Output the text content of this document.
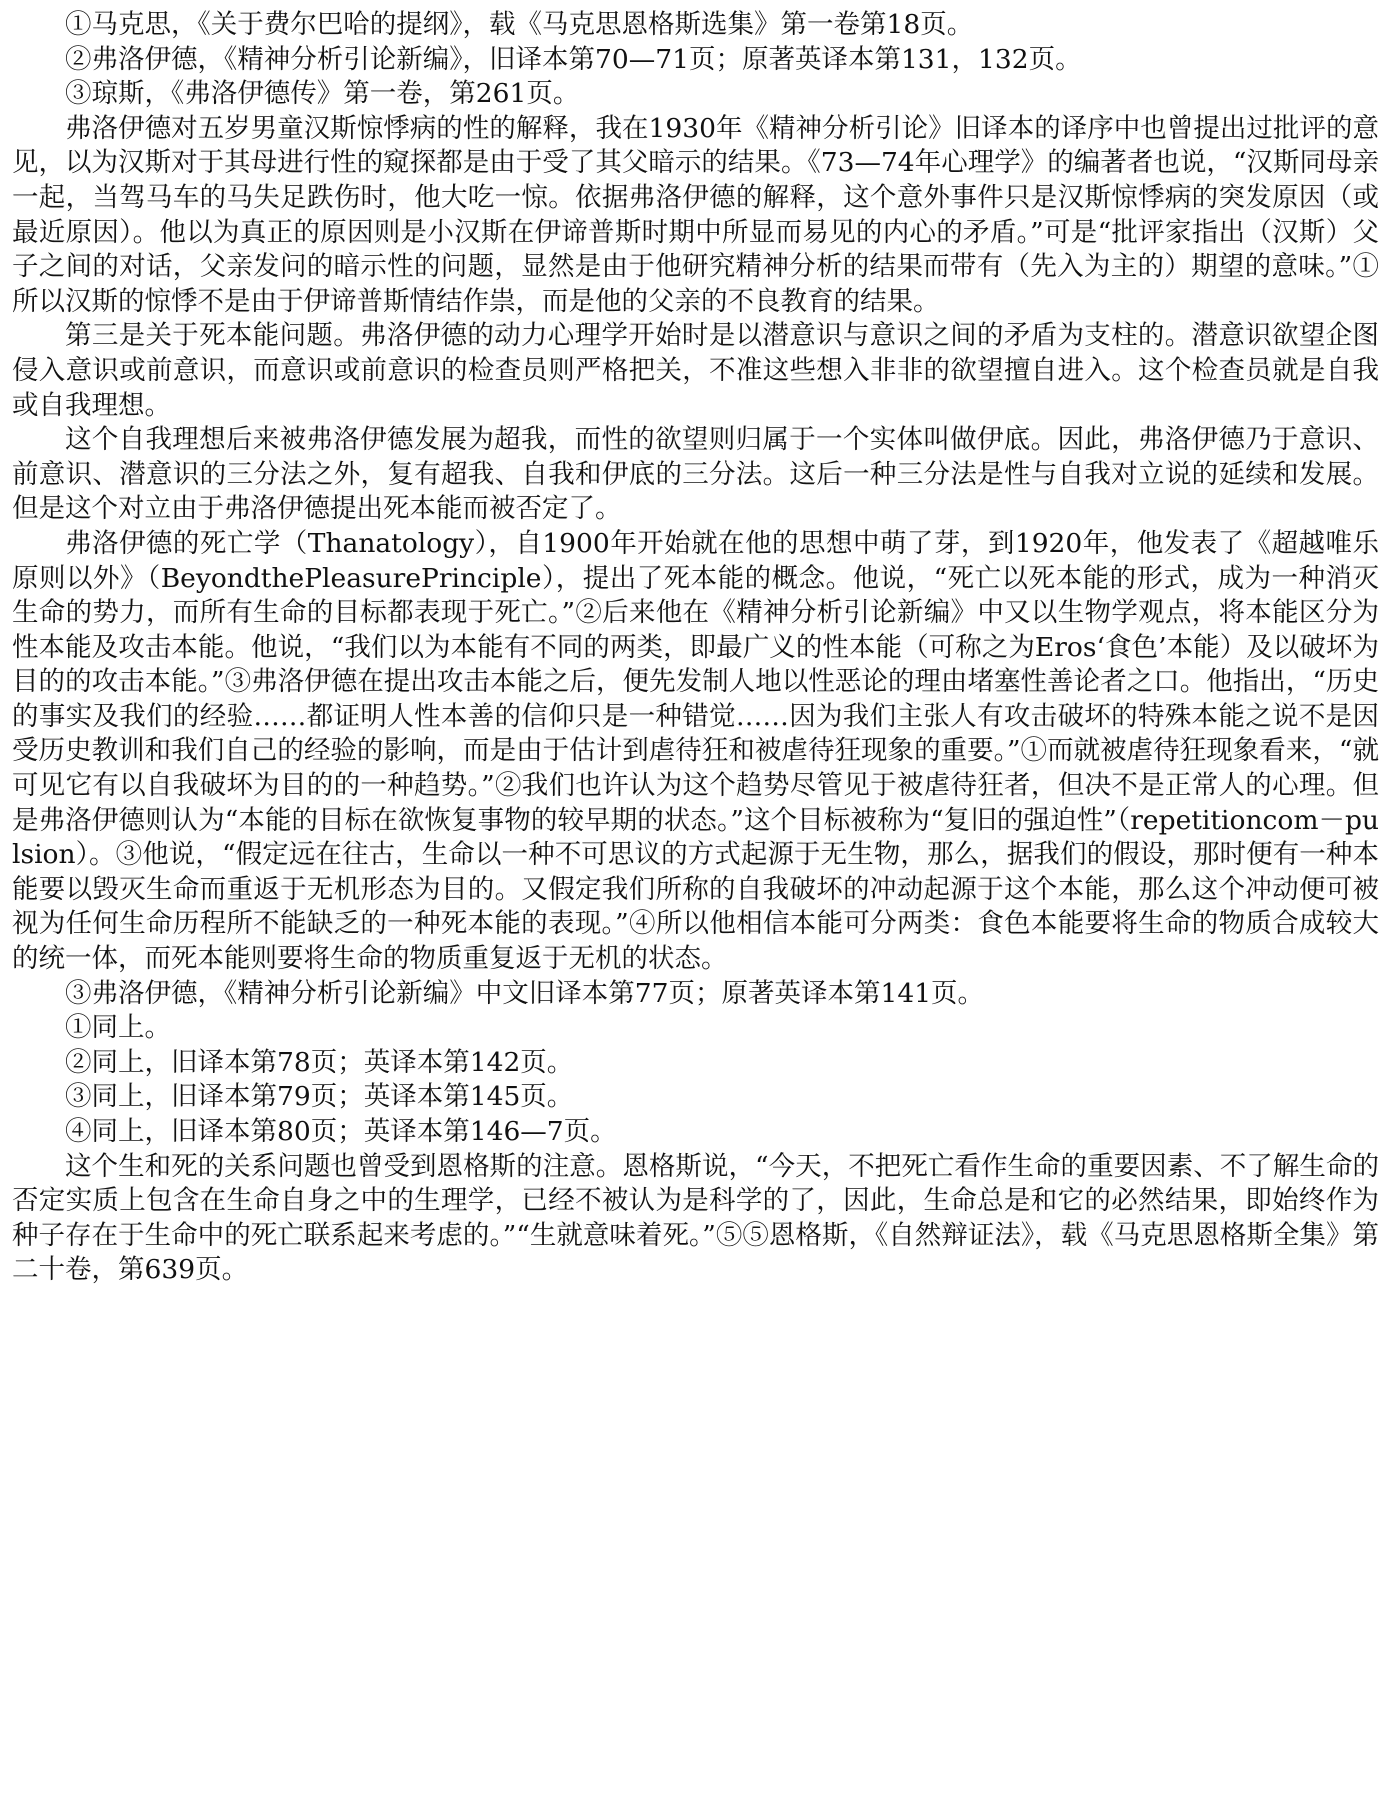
①马克思，《关于费尔巴哈的提纲》，载《马克思恩格斯选集》第一卷第18页。

②弗洛伊德，《精神分析引论新编》，旧译本第70—71页；原著英译本第131，132页。

③琼斯，《弗洛伊德传》第一卷，第261页。

弗洛伊德对五岁男童汉斯惊悸病的性的解释，我在1930年《精神分析引论》旧译本的译序中也曾提出过批评的意见，以为汉斯对于其母进行性的窥探都是由于受了其父暗示的结果。《73—74年心理学》的编著者也说，“汉斯同母亲一起，当驾马车的马失足跌伤时，他大吃一惊。依据弗洛伊德的解释，这个意外事件只是汉斯惊悸病的突发原因（或最近原因）。他以为真正的原因则是小汉斯在伊谛普斯时期中所显而易见的内心的矛盾。”可是“批评家指出（汉斯）父子之间的对话，父亲发问的暗示性的问题，显然是由于他研究精神分析的结果而带有（先入为主的）期望的意味。”①所以汉斯的惊悸不是由于伊谛普斯情结作祟，而是他的父亲的不良教育的结果。

第三是关于死本能问题。弗洛伊德的动力心理学开始时是以潜意识与意识之间的矛盾为支柱的。潜意识欲望企图侵入意识或前意识，而意识或前意识的检查员则严格把关，不准这些想入非非的欲望擅自进入。这个检查员就是自我或自我理想。

这个自我理想后来被弗洛伊德发展为超我，而性的欲望则归属于一个实体叫做伊底。因此，弗洛伊德乃于意识、前意识、潜意识的三分法之外，复有超我、自我和伊底的三分法。这后一种三分法是性与自我对立说的延续和发展。但是这个对立由于弗洛伊德提出死本能而被否定了。

弗洛伊德的死亡学（Thanatology），自1900年开始就在他的思想中萌了芽，到1920年，他发表了《超越唯乐原则以外》（BeyondthePleasurePrinciple），提出了死本能的概念。他说，“死亡以死本能的形式，成为一种消灭生命的势力，而所有生命的目标都表现于死亡。”②后来他在《精神分析引论新编》中又以生物学观点，将本能区分为性本能及攻击本能。他说，“我们以为本能有不同的两类，即最广义的性本能（可称之为Eros‘食色’本能）及以破坏为目的的攻击本能。”③弗洛伊德在提出攻击本能之后，便先发制人地以性恶论的理由堵塞性善论者之口。他指出，“历史的事实及我们的经验……都证明人性本善的信仰只是一种错觉……因为我们主张人有攻击破坏的特殊本能之说不是因受历史教训和我们自己的经验的影响，而是由于估计到虐待狂和被虐待狂现象的重要。”①而就被虐待狂现象看来，“就可见它有以自我破坏为目的的一种趋势。”②我们也许认为这个趋势尽管见于被虐待狂者，但决不是正常人的心理。但是弗洛伊德则认为“本能的目标在欲恢复事物的较早期的状态。”这个目标被称为“复旧的强迫性”（repetitioncom－pulsion）。③他说，“假定远在往古，生命以一种不可思议的方式起源于无生物，那么，据我们的假设，那时便有一种本能要以毁灭生命而重返于无机形态为目的。又假定我们所称的自我破坏的冲动起源于这个本能，那么这个冲动便可被视为任何生命历程所不能缺乏的一种死本能的表现。”④所以他相信本能可分两类：食色本能要将生命的物质合成较大的统一体，而死本能则要将生命的物质重复返于无机的状态。

③弗洛伊德，《精神分析引论新编》中文旧译本第77页；原著英译本第141页。

①同上。

②同上，旧译本第78页；英译本第142页。

③同上，旧译本第79页；英译本第145页。

④同上，旧译本第80页；英译本第146—7页。

这个生和死的关系问题也曾受到恩格斯的注意。恩格斯说，“今天，不把死亡看作生命的重要因素、不了解生命的否定实质上包含在生命自身之中的生理学，已经不被认为是科学的了，因此，生命总是和它的必然结果，即始终作为种子存在于生命中的死亡联系起来考虑的。”“生就意味着死。”⑤⑤恩格斯，《自然辩证法》，载《马克思恩格斯全集》第二十卷，第639页。
